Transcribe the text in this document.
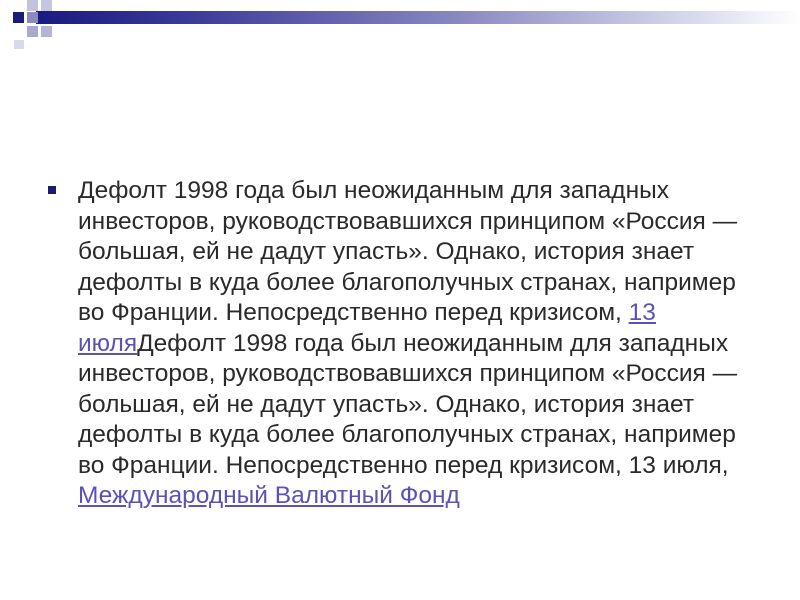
Дефолт 1998 года был неожиданным для западных инвесторов, руководствовавшихся принципом «Россия — большая, ей не дадут упасть». Однако, история знает дефолты в куда более благополучных странах, например во Франции. Непосредственно перед кризисом, 13 июляДефолт 1998 года был неожиданным для западных инвесторов, руководствовавшихся принципом «Россия — большая, ей не дадут упасть». Однако, история знает дефолты в куда более благополучных странах, например во Франции. Непосредственно перед кризисом, 13 июля, Международный Валютный Фонд
